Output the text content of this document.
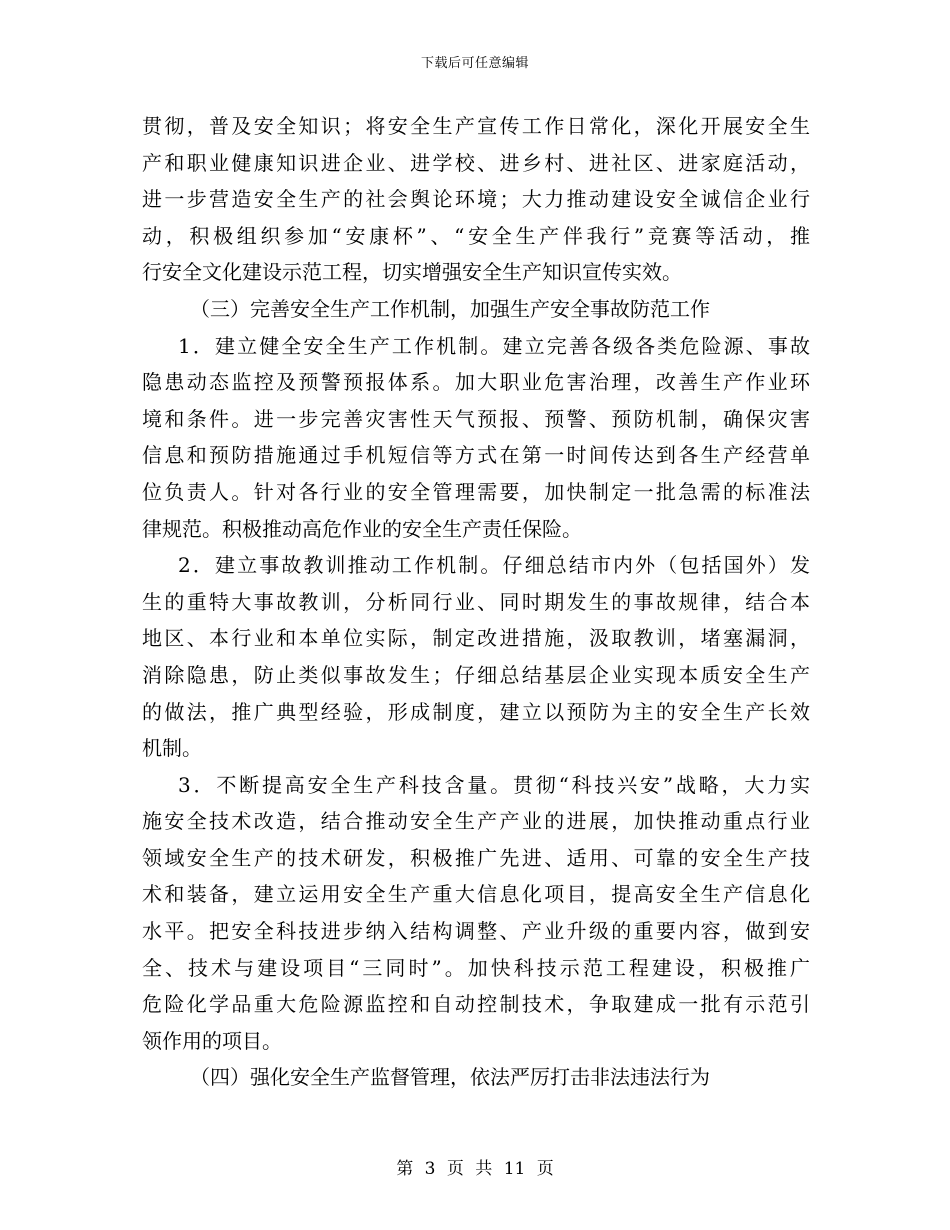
下载后可任意编辑
贯彻，普及安全知识；将安全生产宣传工作日常化，深化开展安全生
产和职业健康知识进企业、进学校、进乡村、进社区、进家庭活动，
进一步营造安全生产的社会舆论环境；大力推动建设安全诚信企业行
动，积极组织参加“安康杯”、“安全生产伴我行”竞赛等活动，推
行安全文化建设示范工程，切实增强安全生产知识宣传实效。
（三）完善安全生产工作机制，加强生产安全事故防范工作
1．建立健全安全生产工作机制。建立完善各级各类危险源、事故
隐患动态监控及预警预报体系。加大职业危害治理，改善生产作业环
境和条件。进一步完善灾害性天气预报、预警、预防机制，确保灾害
信息和预防措施通过手机短信等方式在第一时间传达到各生产经营单
位负责人。针对各行业的安全管理需要，加快制定一批急需的标准法
律规范。积极推动高危作业的安全生产责任保险。
2．建立事故教训推动工作机制。仔细总结市内外（包括国外）发
生的重特大事故教训，分析同行业、同时期发生的事故规律，结合本
地区、本行业和本单位实际，制定改进措施，汲取教训，堵塞漏洞，
消除隐患，防止类似事故发生；仔细总结基层企业实现本质安全生产
的做法，推广典型经验，形成制度，建立以预防为主的安全生产长效
机制。
3．不断提高安全生产科技含量。贯彻“科技兴安”战略，大力实
施安全技术改造，结合推动安全生产产业的进展，加快推动重点行业
领域安全生产的技术研发，积极推广先进、适用、可靠的安全生产技
术和装备，建立运用安全生产重大信息化项目，提高安全生产信息化
水平。把安全科技进步纳入结构调整、产业升级的重要内容，做到安
全、技术与建设项目“三同时”。加快科技示范工程建设，积极推广
危险化学品重大危险源监控和自动控制技术，争取建成一批有示范引
领作用的项目。
（四）强化安全生产监督管理，依法严厉打击非法违法行为
第 3 页 共 11 页
